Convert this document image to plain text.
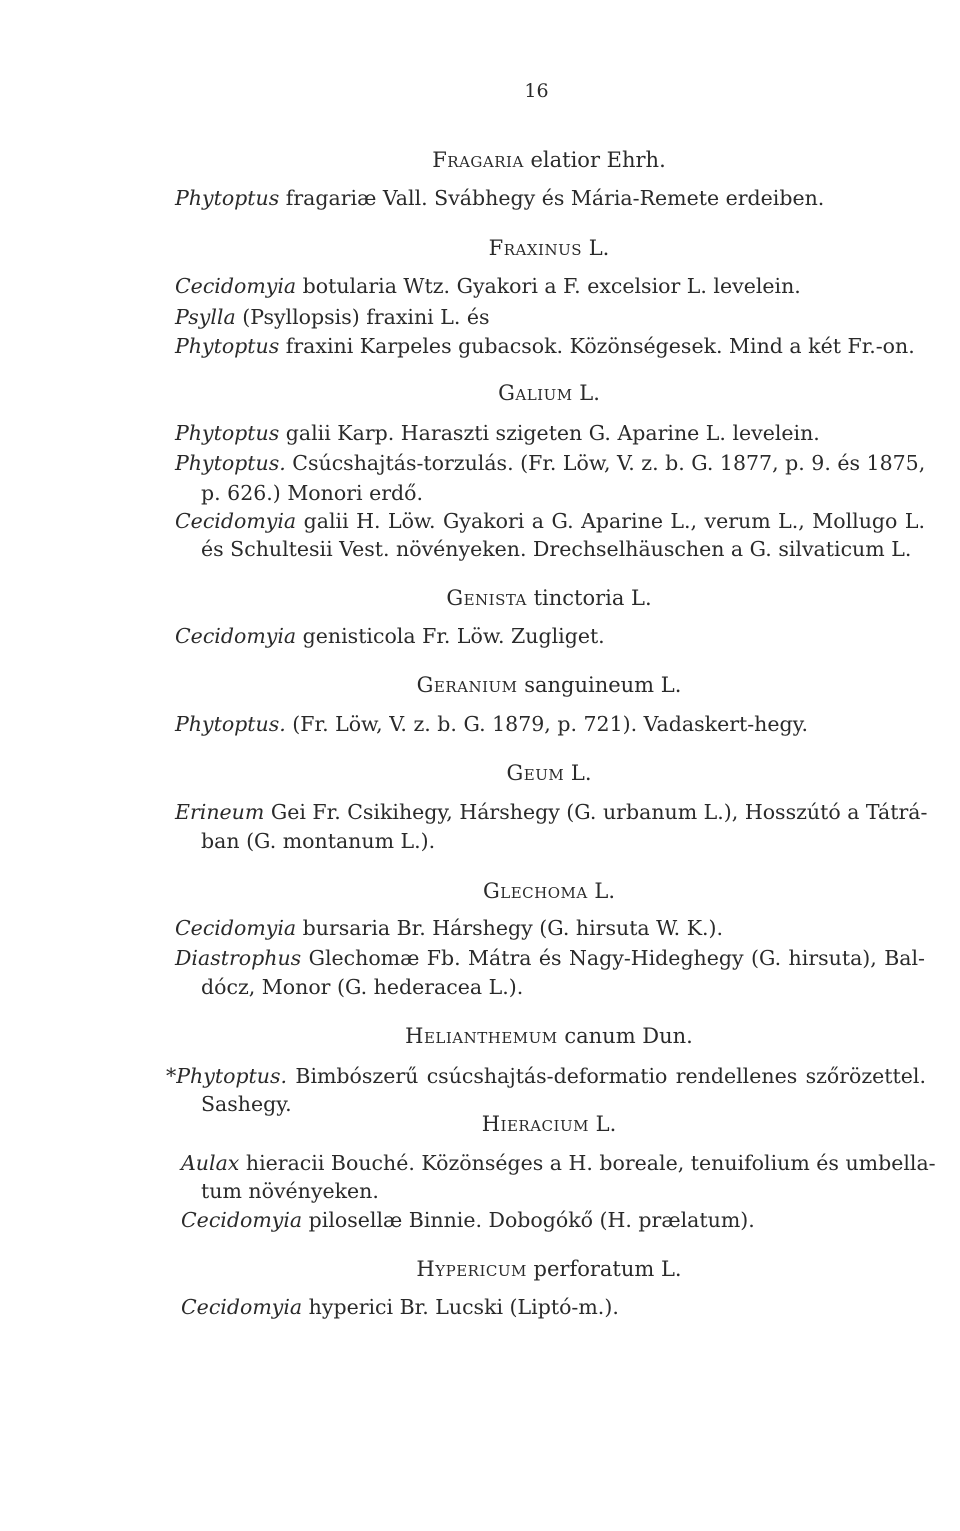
16
Fragaria elatior Ehrh.
Phytoptus fragariæ Vall. Svábhegy és Mária-Remete erdeiben.
Fraxinus L.
Cecidomyia botularia Wtz. Gyakori a F. excelsior L. levelein.
Psylla (Psyllopsis) fraxini L. és
Phytoptus fraxini Karpeles gubacsok. Közönségesek. Mind a két Fr.-on.
Galium L.
Phytoptus galii Karp. Haraszti szigeten G. Aparine L. levelein.
Phytoptus. Csúcshajtás-torzulás. (Fr. Löw, V. z. b. G. 1877, p. 9. és 1875,
p. 626.) Monori erdő.
Cecidomyia galii H. Löw. Gyakori a G. Aparine L., verum L., Mollugo L.
és Schultesii Vest. növényeken. Drechselhäuschen a G. silvaticum L.
Genista tinctoria L.
Cecidomyia genisticola Fr. Löw. Zugliget.
Geranium sanguineum L.
Phytoptus. (Fr. Löw, V. z. b. G. 1879, p. 721). Vadaskert-hegy.
Geum L.
Erineum Gei Fr. Csikihegy, Hárshegy (G. urbanum L.), Hosszútó a Tátrá-
ban (G. montanum L.).
Glechoma L.
Cecidomyia bursaria Br. Hárshegy (G. hirsuta W. K.).
Diastrophus Glechomæ Fb. Mátra és Nagy-Hideghegy (G. hirsuta), Bal-
dócz, Monor (G. hederacea L.).
Helianthemum canum Dun.
*Phytoptus. Bimbószerű csúcshajtás-deformatio rendellenes szőrözettel.
Sashegy.
Hieracium L.
Aulax hieracii Bouché. Közönséges a H. boreale, tenuifolium és umbella-
tum növényeken.
Cecidomyia pilosellæ Binnie. Dobogókő (H. prælatum).
Hypericum perforatum L.
Cecidomyia hyperici Br. Lucski (Liptó-m.).
